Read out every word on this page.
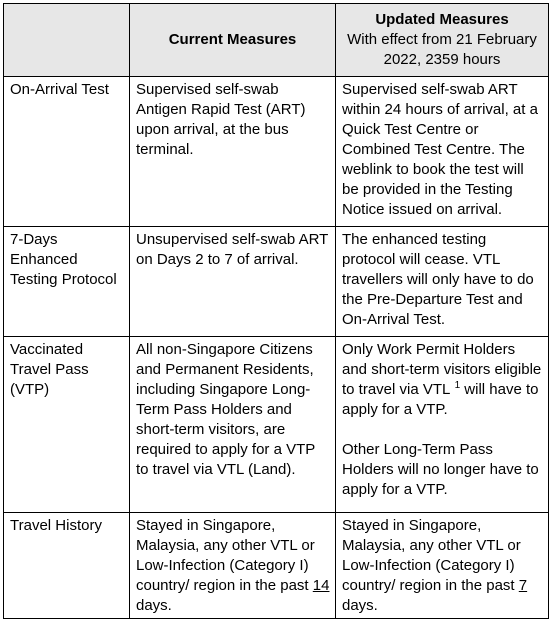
	Current Measures	Updated Measures
With effect from 21 February 2022, 2359 hours

On-Arrival Test	Supervised self-swab Antigen Rapid Test (ART) upon arrival, at the bus terminal.	Supervised self-swab ART within 24 hours of arrival, at a Quick Test Centre or Combined Test Centre. The weblink to book the test will be provided in the Testing Notice issued on arrival.
7-Days Enhanced Testing Protocol	Unsupervised self-swab ART on Days 2 to 7 of arrival.	The enhanced testing protocol will cease. VTL travellers will only have to do the Pre-Departure Test and On-Arrival Test.
Vaccinated Travel Pass (VTP)	All non-Singapore Citizens and Permanent Residents, including Singapore Long-Term Pass Holders and short-term visitors, are required to apply for a VTP to travel via VTL (Land).	Only Work Permit Holders and short-term visitors eligible to travel via VTL $^1$ will have to apply for a VTP.
Other Long-Term Pass Holders will no longer have to apply for a VTP.
Travel History	Stayed in Singapore, Malaysia, any other VTL or Low-Infection (Category I) country/ region in the past 14 days.	Stayed in Singapore, Malaysia, any other VTL or Low-Infection (Category I) country/ region in the past 7 days.
